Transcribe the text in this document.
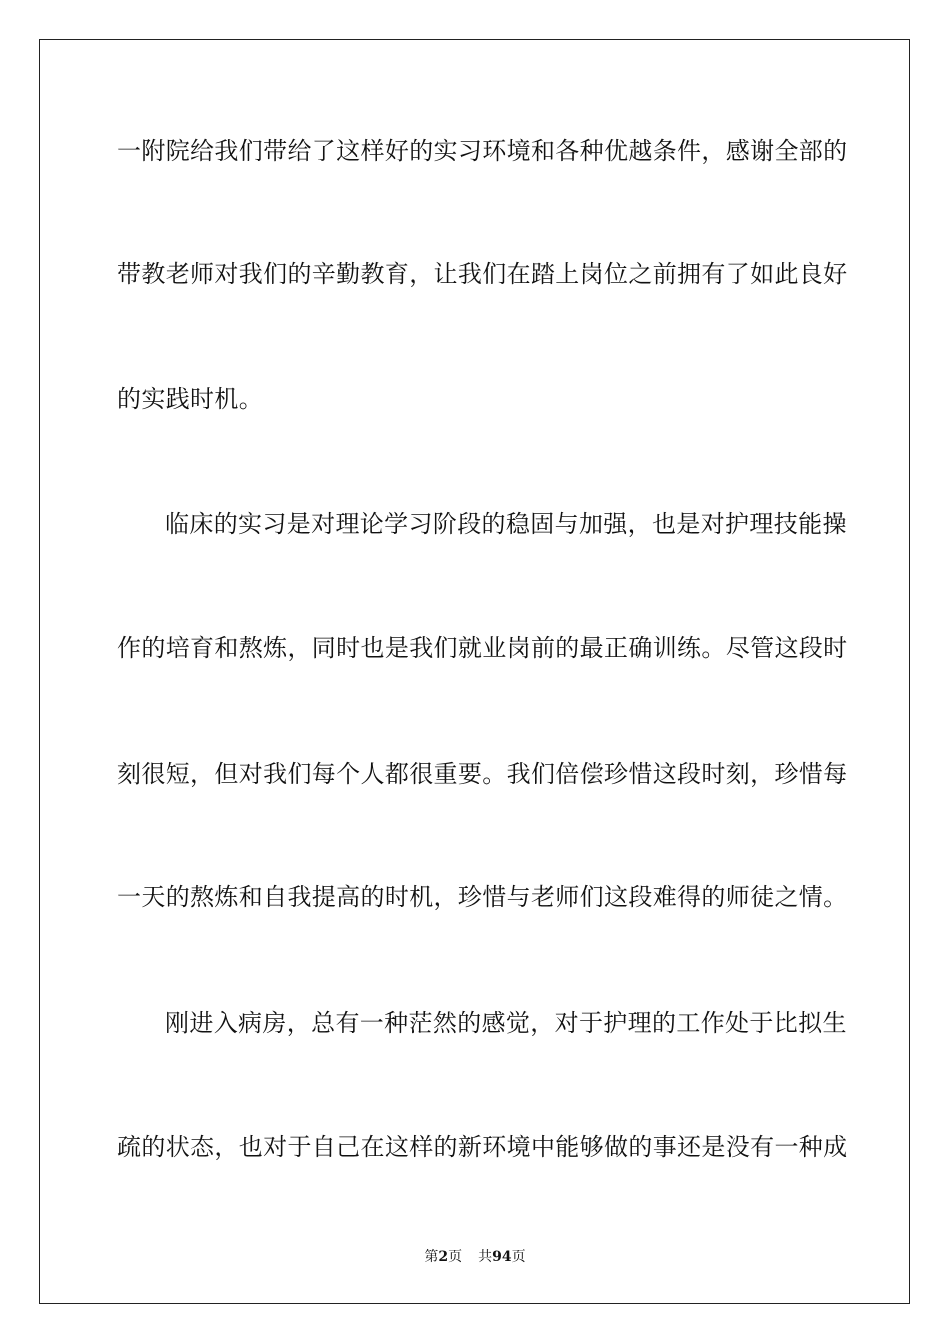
一附院给我们带给了这样好的实习环境和各种优越条件，感谢全部的
带教老师对我们的辛勤教育，让我们在踏上岗位之前拥有了如此良好
的实践时机。
临床的实习是对理论学习阶段的稳固与加强，也是对护理技能操
作的培育和熬炼，同时也是我们就业岗前的最正确训练。尽管这段时
刻很短，但对我们每个人都很重要。我们倍偿珍惜这段时刻，珍惜每
一天的熬炼和自我提高的时机，珍惜与老师们这段难得的师徒之情。
刚进入病房，总有一种茫然的感觉，对于护理的工作处于比拟生
疏的状态，也对于自己在这样的新环境中能够做的事还是没有一种成
第2页 共94页
